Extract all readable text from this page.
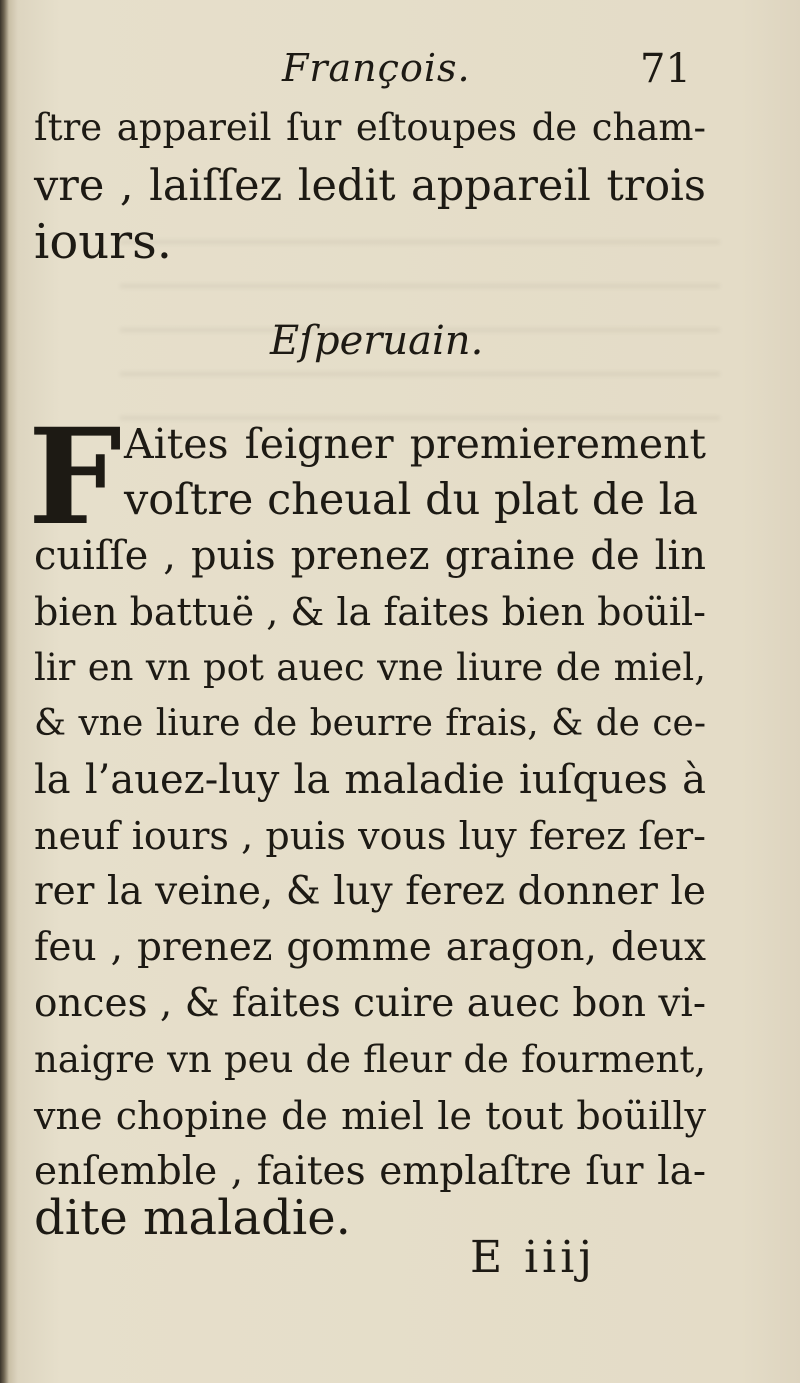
François.	71
ſtre appareil ſur eſtoupes de cham-
vre , laiſſez ledit appareil trois
iours.
Eſperuain.
F Aites ſeigner premierement
voſtre cheual du plat de la
cuiſſe , puis prenez graine de lin
bien battuë , & la faites bien boüil-
lir en vn pot auec vne liure de miel,
& vne liure de beurre frais, & de ce-
la l’auez-luy la maladie iuſques à
neuf iours , puis vous luy ferez ſer-
rer la veine, & luy ferez donner le
feu , prenez gomme aragon, deux
onces , & faites cuire auec bon vi-
naigre vn peu de fleur de fourment,
vne chopine de miel le tout boüilly
enſemble , faites emplaſtre ſur la-
dite maladie.
E iiij
